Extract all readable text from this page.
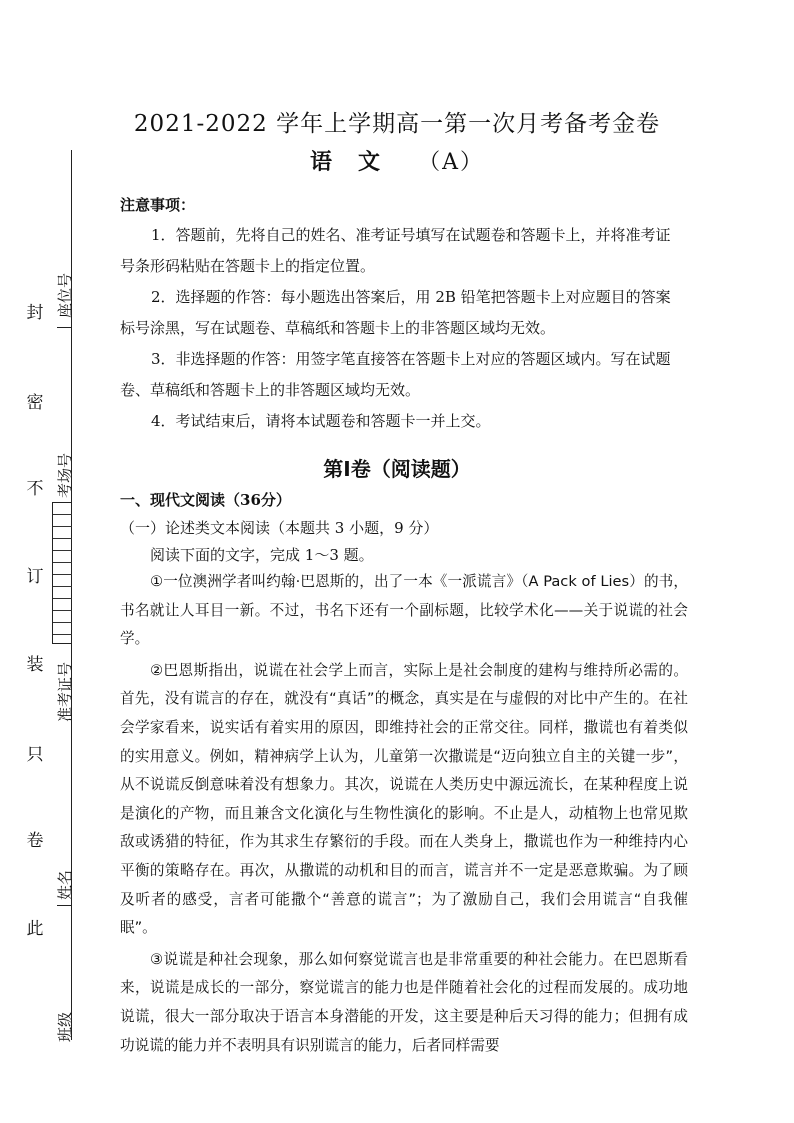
封
密
不
订
装
只
卷
此
座位号
考场号
准考证号
姓名
班级
2021-2022 学年上学期高一第一次月考备考金卷
语　文 （A）
注意事项：

1．答题前，先将自己的姓名、准考证号填写在试题卷和答题卡上，并将准考证号条形码粘贴在答题卡上的指定位置。

2．选择题的作答：每小题选出答案后，用 2B 铅笔把答题卡上对应题目的答案标号涂黑，写在试题卷、草稿纸和答题卡上的非答题区域均无效。

3．非选择题的作答：用签字笔直接答在答题卡上对应的答题区域内。写在试题卷、草稿纸和答题卡上的非答题区域均无效。

4．考试结束后，请将本试题卷和答题卡一并上交。

第Ⅰ卷（阅读题）
一、现代文阅读（36分）
（一）论述类文本阅读（本题共 3 小题，9 分）
阅读下面的文字，完成 1～3 题。

①一位澳洲学者叫约翰·巴恩斯的，出了一本《一派谎言》（A Pack of Lies）的书，书名就让人耳目一新。不过，书名下还有一个副标题，比较学术化——关于说谎的社会学。

②巴恩斯指出，说谎在社会学上而言，实际上是社会制度的建构与维持所必需的。首先，没有谎言的存在，就没有“真话”的概念，真实是在与虚假的对比中产生的。在社会学家看来，说实话有着实用的原因，即维持社会的正常交往。同样，撒谎也有着类似的实用意义。例如，精神病学上认为，儿童第一次撒谎是“迈向独立自主的关键一步”，从不说谎反倒意味着没有想象力。其次，说谎在人类历史中源远流长，在某种程度上说是演化的产物，而且兼含文化演化与生物性演化的影响。不止是人，动植物上也常见欺敌或诱猎的特征，作为其求生存繁衍的手段。而在人类身上，撒谎也作为一种维持内心平衡的策略存在。再次，从撒谎的动机和目的而言，谎言并不一定是恶意欺骗。为了顾及听者的感受，言者可能撒个“善意的谎言”；为了激励自己，我们会用谎言“自我催眠”。

③说谎是种社会现象，那么如何察觉谎言也是非常重要的种社会能力。在巴恩斯看来，说谎是成长的一部分，察觉谎言的能力也是伴随着社会化的过程而发展的。成功地说谎，很大一部分取决于语言本身潜能的开发，这主要是种后天习得的能力；但拥有成功说谎的能力并不表明具有识别谎言的能力，后者同样需要
